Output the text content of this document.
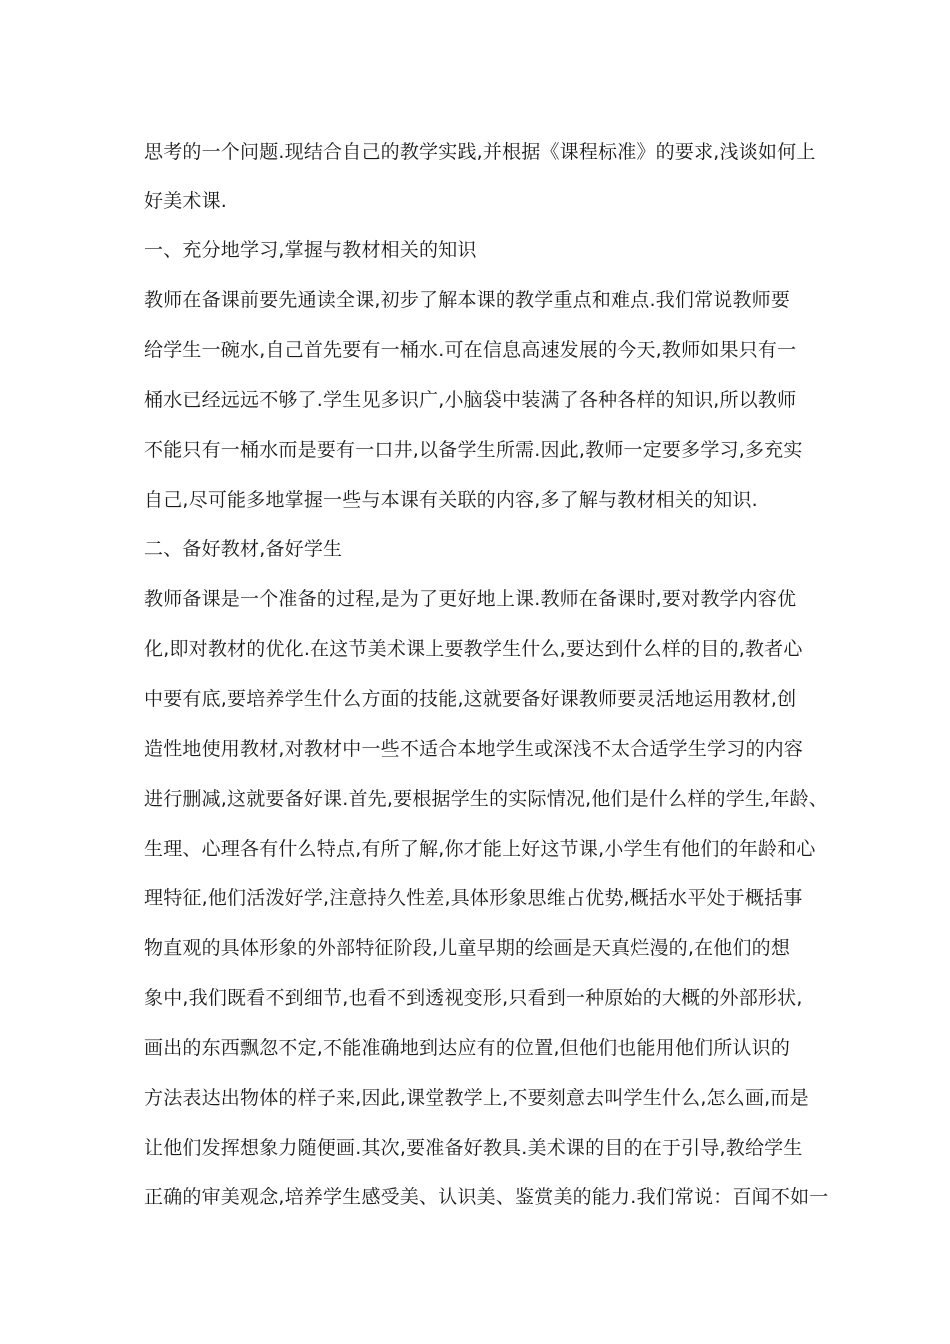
思考的一个问题.现结合自己的教学实践,并根据《课程标准》的要求,浅谈如何上
好美术课.
一、充分地学习,掌握与教材相关的知识
教师在备课前要先通读全课,初步了解本课的教学重点和难点.我们常说教师要
给学生一碗水,自己首先要有一桶水.可在信息高速发展的今天,教师如果只有一
桶水已经远远不够了.学生见多识广,小脑袋中装满了各种各样的知识,所以教师
不能只有一桶水而是要有一口井,以备学生所需.因此,教师一定要多学习,多充实
自己,尽可能多地掌握一些与本课有关联的内容,多了解与教材相关的知识.
二、备好教材,备好学生
教师备课是一个准备的过程,是为了更好地上课.教师在备课时,要对教学内容优
化,即对教材的优化.在这节美术课上要教学生什么,要达到什么样的目的,教者心
中要有底,要培养学生什么方面的技能,这就要备好课教师要灵活地运用教材,创
造性地使用教材,对教材中一些不适合本地学生或深浅不太合适学生学习的内容
进行删减,这就要备好课.首先,要根据学生的实际情况,他们是什么样的学生,年龄、
生理、心理各有什么特点,有所了解,你才能上好这节课,小学生有他们的年龄和心
理特征,他们活泼好学,注意持久性差,具体形象思维占优势,概括水平处于概括事
物直观的具体形象的外部特征阶段,儿童早期的绘画是天真烂漫的,在他们的想
象中,我们既看不到细节,也看不到透视变形,只看到一种原始的大概的外部形状,
画出的东西飘忽不定,不能准确地到达应有的位置,但他们也能用他们所认识的
方法表达出物体的样子来,因此,课堂教学上,不要刻意去叫学生什么,怎么画,而是
让他们发挥想象力随便画.其次,要准备好教具.美术课的目的在于引导,教给学生
正确的审美观念,培养学生感受美、认识美、鉴赏美的能力.我们常说：百闻不如一
